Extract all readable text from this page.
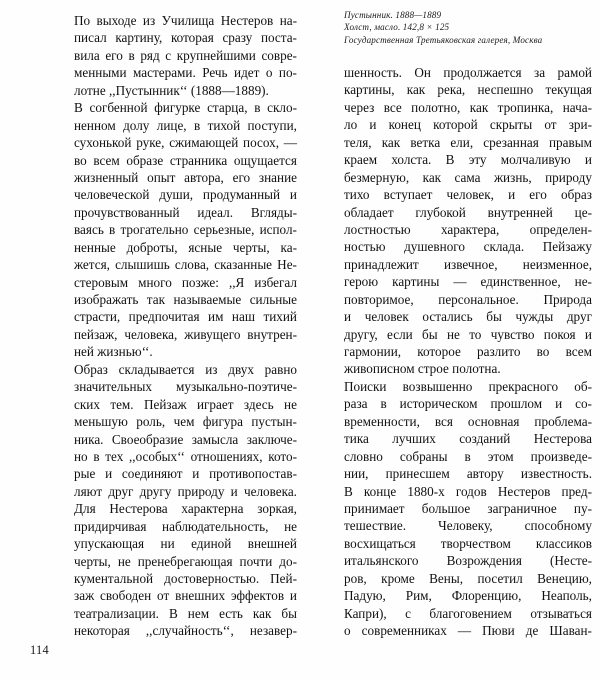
Пустынник. 1888—1889
Холст, масло. 142,8 × 125
Государственная Третьяковская галерея, Москва
По выходе из Училища Нестеров на-
писал картину, которая сразу поста-
вила его в ряд с крупнейшими совре-
менными мастерами. Речь идет о по-
лотне ,,Пустынник‘‘ (1888—1889).
В согбенной фигурке старца, в скло-
ненном долу лице, в тихой поступи,
сухонькой руке, сжимающей посох, —
во всем образе странника ощущается
жизненный опыт автора, его знание
человеческой души, продуманный и
прочувствованный идеал. Вгляды-
ваясь в трогательно серьезные, испол-
ненные доброты, ясные черты, ка-
жется, слышишь слова, сказанные Не-
стеровым много позже: ,,Я избегал
изображать так называемые сильные
страсти, предпочитая им наш тихий
пейзаж, человека, живущего внутрен-
ней жизнью‘‘.
Образ складывается из двух равно
значительных музыкально-поэтиче-
ских тем. Пейзаж играет здесь не
меньшую роль, чем фигура пустын-
ника. Своеобразие замысла заключе-
но в тех ,,особых‘‘ отношениях, кото-
рые и соединяют и противопостав-
ляют друг другу природу и человека.
Для Нестерова характерна зоркая,
придирчивая наблюдательность, не
упускающая ни единой внешней
черты, не пренебрегающая почти до-
кументальной достоверностью. Пей-
заж свободен от внешних эффектов и
театрализации. В нем есть как бы
некоторая ,,случайность‘‘, незавер-
шенность. Он продолжается за рамой
картины, как река, неспешно текущая
через все полотно, как тропинка, нача-
ло и конец которой скрыты от зри-
теля, как ветка ели, срезанная правым
краем холста. В эту молчаливую и
безмерную, как сама жизнь, природу
тихо вступает человек, и его образ
обладает глубокой внутренней це-
лостностью характера, определен-
ностью душевного склада. Пейзажу
принадлежит извечное, неизменное,
герою картины — единственное, не-
повторимое, персональное. Природа
и человек остались бы чужды друг
другу, если бы не то чувство покоя и
гармонии, которое разлито во всем
живописном строе полотна.
Поиски возвышенно прекрасного об-
раза в историческом прошлом и со-
временности, вся основная проблема-
тика лучших созданий Нестерова
словно собраны в этом произведе-
нии, принесшем автору известность.
В конце 1880-х годов Нестеров пред-
принимает большое заграничное пу-
тешествие. Человеку, способному
восхищаться творчеством классиков
итальянского Возрождения (Несте-
ров, кроме Вены, посетил Венецию,
Падую, Рим, Флоренцию, Неаполь,
Капри), с благоговением отзываться
о современниках — Пюви де Шаван-
114
